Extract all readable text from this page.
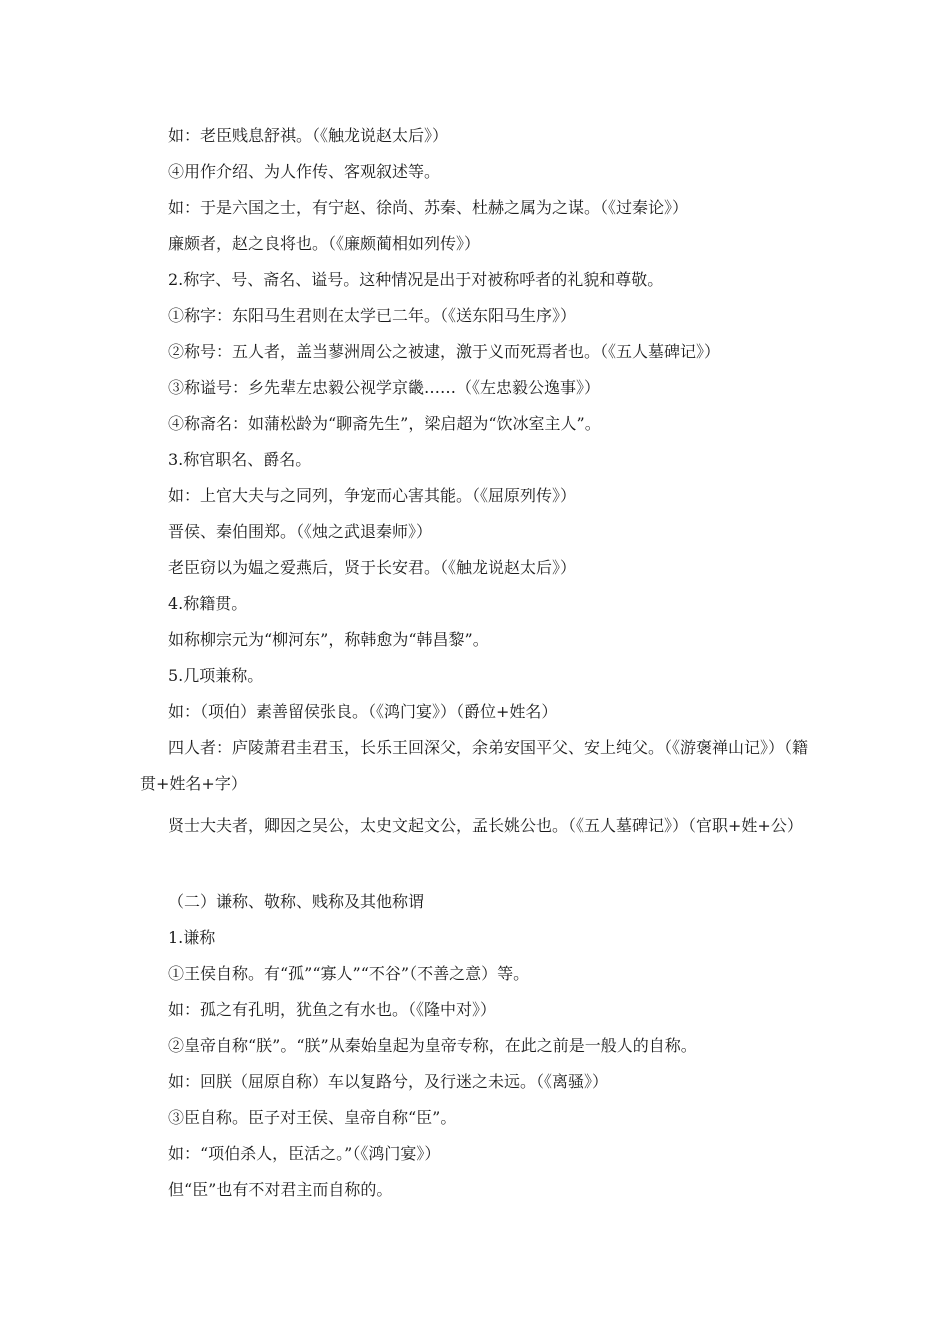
如：老臣贱息舒祺。（《触龙说赵太后》）

④用作介绍、为人作传、客观叙述等。

如：于是六国之士，有宁赵、徐尚、苏秦、杜赫之属为之谋。（《过秦论》）

廉颇者，赵之良将也。（《廉颇蔺相如列传》）

2.称字、号、斋名、谥号。这种情况是出于对被称呼者的礼貌和尊敬。

①称字：东阳马生君则在太学已二年。（《送东阳马生序》）

②称号：五人者，盖当蓼洲周公之被逮，激于义而死焉者也。（《五人墓碑记》）

③称谥号：乡先辈左忠毅公视学京畿……（《左忠毅公逸事》）

④称斋名：如蒲松龄为“聊斋先生”，梁启超为“饮冰室主人”。

3.称官职名、爵名。

如：上官大夫与之同列，争宠而心害其能。（《屈原列传》）

晋侯、秦伯围郑。（《烛之武退秦师》）

老臣窃以为媪之爱燕后，贤于长安君。（《触龙说赵太后》）

4.称籍贯。

如称柳宗元为“柳河东”，称韩愈为“韩昌黎”。

5.几项兼称。

如：（项伯）素善留侯张良。（《鸿门宴》）（爵位+姓名）

四人者：庐陵萧君圭君玉，长乐王回深父，余弟安国平父、安上纯父。（《游褒禅山记》）（籍贯+姓名+字）

贤士大夫者，卿因之吴公，太史文起文公，孟长姚公也。（《五人墓碑记》）（官职+姓+公）

（二）谦称、敬称、贱称及其他称谓

1.谦称

①王侯自称。有“孤”“寡人”“不谷”（不善之意）等。

如：孤之有孔明，犹鱼之有水也。（《隆中对》）

②皇帝自称“朕”。“朕”从秦始皇起为皇帝专称，在此之前是一般人的自称。

如：回朕（屈原自称）车以复路兮，及行迷之未远。（《离骚》）

③臣自称。臣子对王侯、皇帝自称“臣”。

如：“项伯杀人，臣活之。”（《鸿门宴》）

但“臣”也有不对君主而自称的。
